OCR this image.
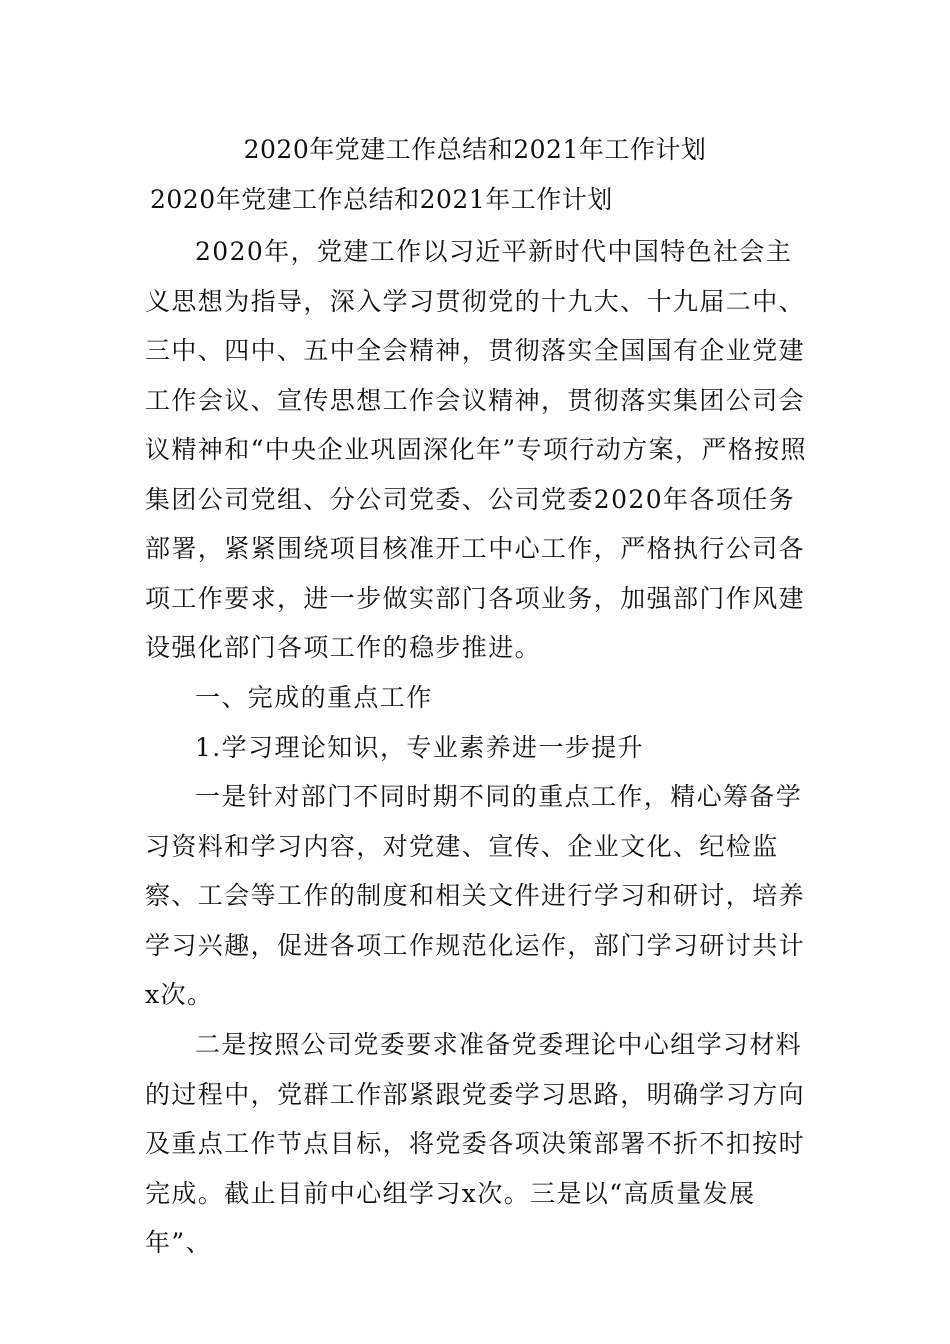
2020年党建工作总结和2021年工作计划
2020年党建工作总结和2021年工作计划

2020年，党建工作以习近平新时代中国特色社会主义思想为指导，深入学习贯彻党的十九大、十九届二中、三中、四中、五中全会精神，贯彻落实全国国有企业党建工作会议、宣传思想工作会议精神，贯彻落实集团公司会议精神和“中央企业巩固深化年”专项行动方案，严格按照集团公司党组、分公司党委、公司党委2020年各项任务部署，紧紧围绕项目核准开工中心工作，严格执行公司各项工作要求，进一步做实部门各项业务，加强部门作风建设强化部门各项工作的稳步推进。

一、完成的重点工作

1.学习理论知识，专业素养进一步提升

一是针对部门不同时期不同的重点工作，精心筹备学习资料和学习内容，对党建、宣传、企业文化、纪检监察、工会等工作的制度和相关文件进行学习和研讨，培养学习兴趣，促进各项工作规范化运作，部门学习研讨共计x次。

二是按照公司党委要求准备党委理论中心组学习材料的过程中，党群工作部紧跟党委学习思路，明确学习方向及重点工作节点目标，将党委各项决策部署不折不扣按时完成。截止目前中心组学习x次。三是以“高质量发展年”、
